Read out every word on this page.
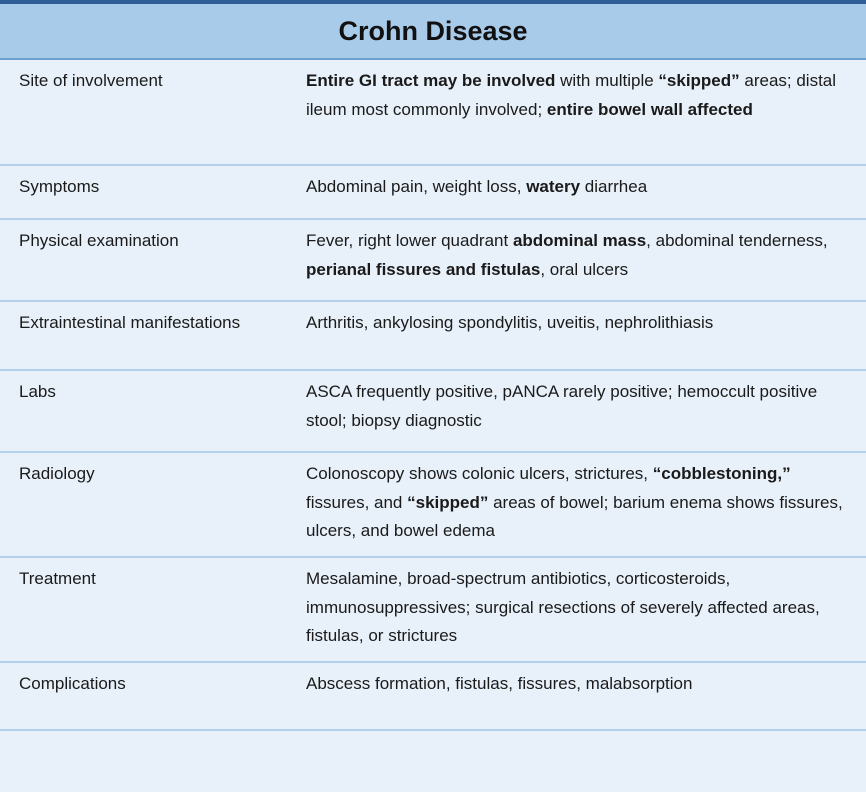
Crohn Disease
Site of involvement	Entire GI tract may be involved with multiple “skipped” areas; distal ileum most commonly involved; entire bowel wall affected
Symptoms	Abdominal pain, weight loss, watery diarrhea
Physical examination	Fever, right lower quadrant abdominal mass, abdominal tenderness, perianal fissures and fistulas, oral ulcers
Extraintestinal manifestations	Arthritis, ankylosing spondylitis, uveitis, nephrolithiasis
Labs	ASCA frequently positive, pANCA rarely positive; hemoccult positive stool; biopsy diagnostic
Radiology	Colonoscopy shows colonic ulcers, strictures, “cobblestoning,” fissures, and “skipped” areas of bowel; barium enema shows fissures, ulcers, and bowel edema
Treatment	Mesalamine, broad-spectrum antibiotics, corticosteroids, immunosuppressives; surgical resections of severely affected areas, fistulas, or strictures
Complications	Abscess formation, fistulas, fissures, malabsorption
